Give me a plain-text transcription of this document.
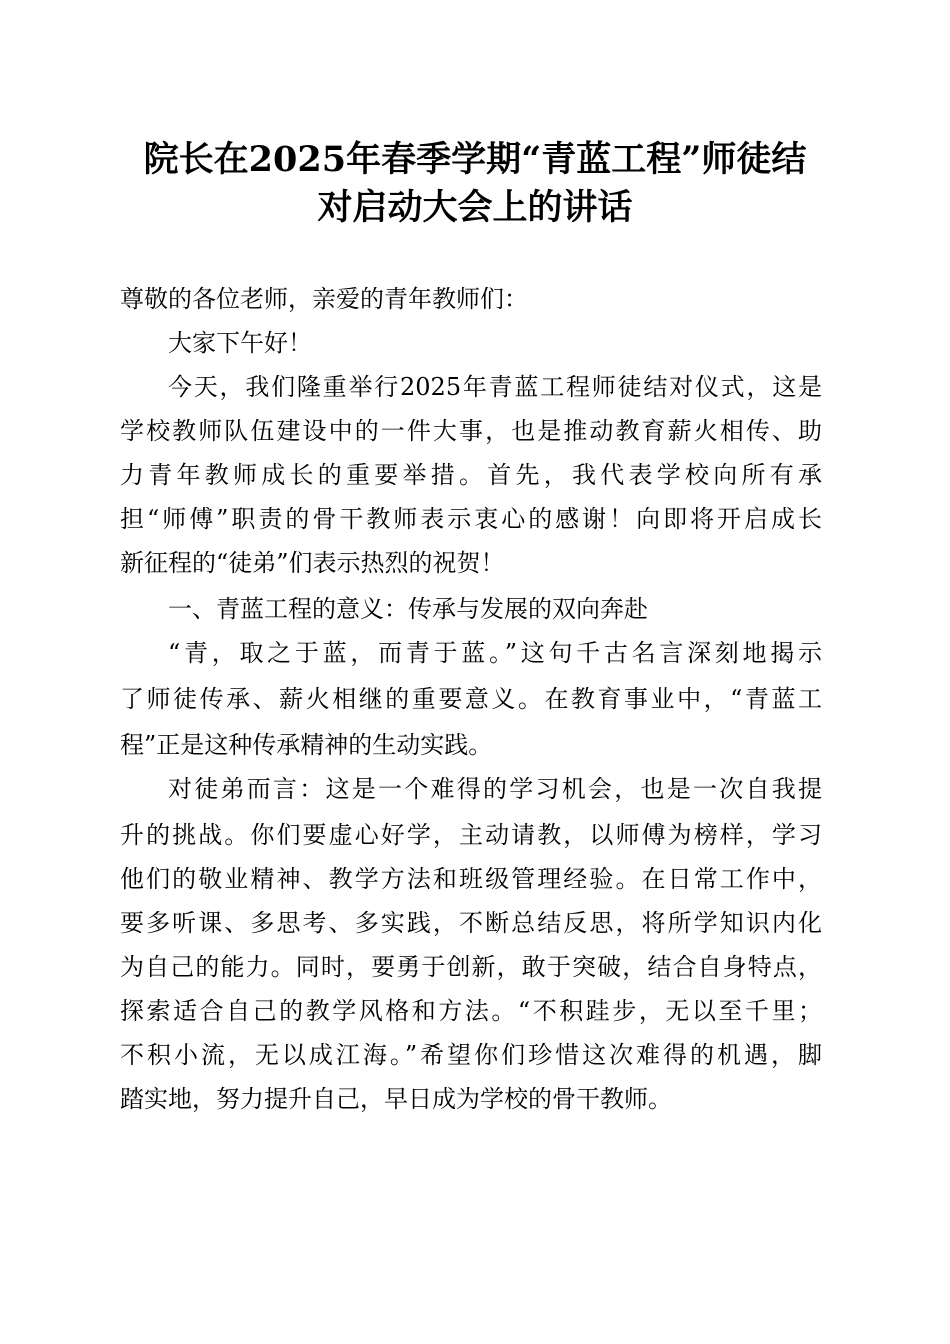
院长在2025年春季学期“青蓝工程”师徒结
对启动大会上的讲话
尊敬的各位老师，亲爱的青年教师们：
大家下午好！
今天，我们隆重举行2025年青蓝工程师徒结对仪式，这是
学校教师队伍建设中的一件大事，也是推动教育薪火相传、助
力青年教师成长的重要举措。首先，我代表学校向所有承
担“师傅”职责的骨干教师表示衷心的感谢！向即将开启成长
新征程的“徒弟”们表示热烈的祝贺！
一、青蓝工程的意义：传承与发展的双向奔赴
“青，取之于蓝，而青于蓝。”这句千古名言深刻地揭示
了师徒传承、薪火相继的重要意义。在教育事业中，“青蓝工
程”正是这种传承精神的生动实践。
对徒弟而言：这是一个难得的学习机会，也是一次自我提
升的挑战。你们要虚心好学，主动请教，以师傅为榜样，学习
他们的敬业精神、教学方法和班级管理经验。在日常工作中，
要多听课、多思考、多实践，不断总结反思，将所学知识内化
为自己的能力。同时，要勇于创新，敢于突破，结合自身特点，
探索适合自己的教学风格和方法。“不积跬步，无以至千里；
不积小流，无以成江海。”希望你们珍惜这次难得的机遇，脚
踏实地，努力提升自己，早日成为学校的骨干教师。
